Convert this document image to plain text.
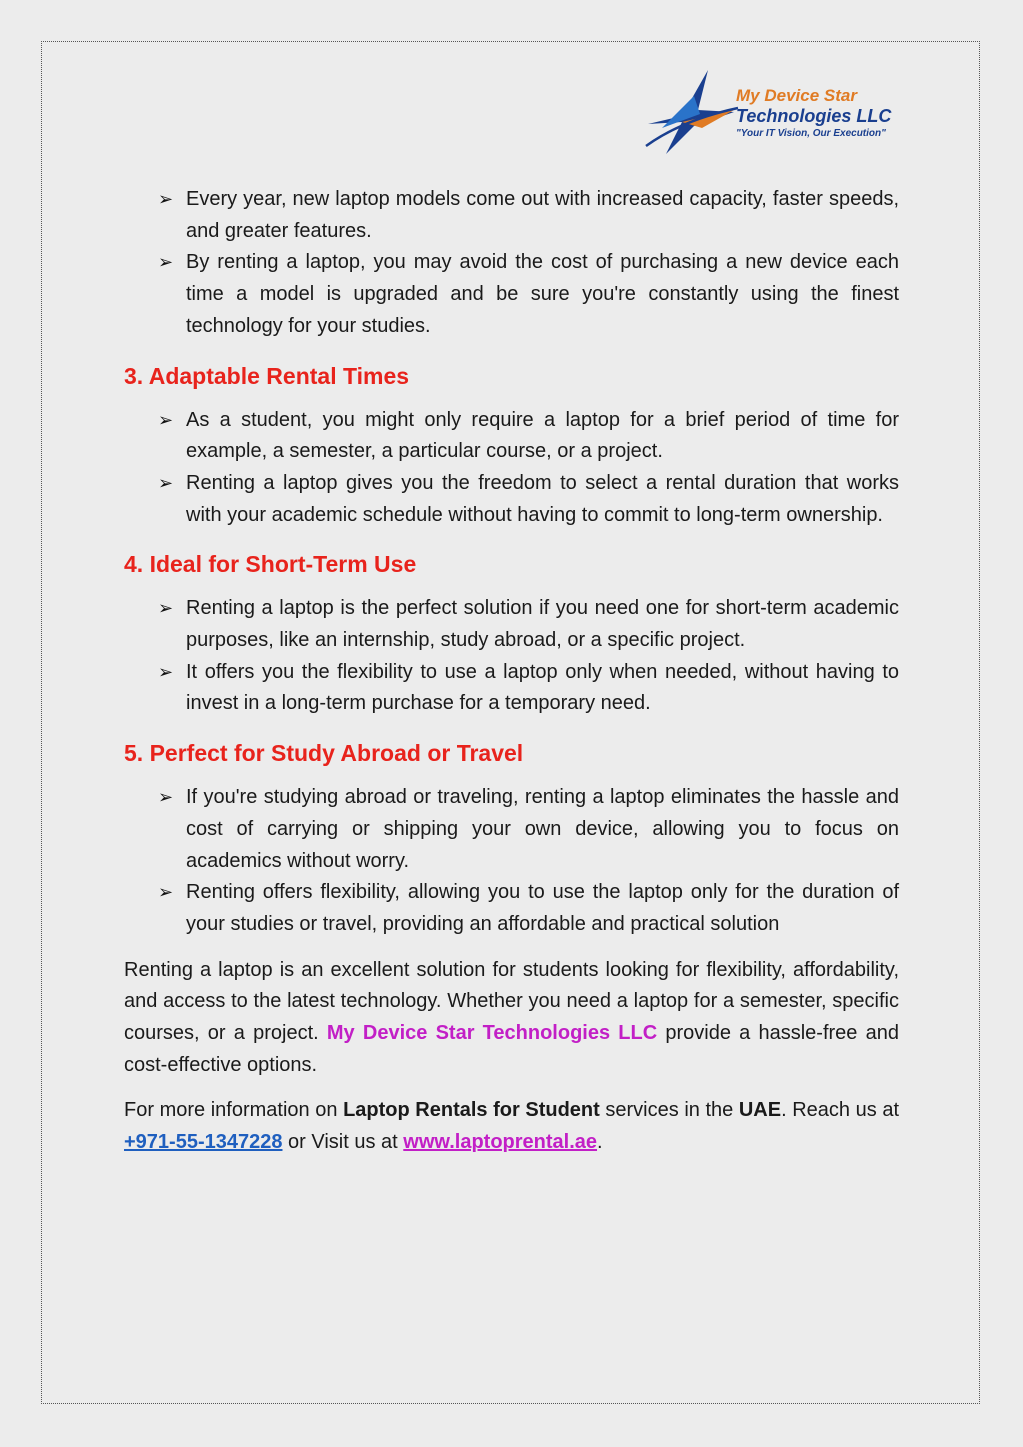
My Device Star
Technologies LLC
"Your IT Vision, Our Execution"
➢ Every year, new laptop models come out with increased capacity, faster speeds, and greater features.
➢ By renting a laptop, you may avoid the cost of purchasing a new device each time a model is upgraded and be sure you're constantly using the finest technology for your studies.
3. Adaptable Rental Times
➢ As a student, you might only require a laptop for a brief period of time for example, a semester, a particular course, or a project.
➢ Renting a laptop gives you the freedom to select a rental duration that works with your academic schedule without having to commit to long-term ownership.
4. Ideal for Short-Term Use
➢ Renting a laptop is the perfect solution if you need one for short-term academic purposes, like an internship, study abroad, or a specific project.
➢ It offers you the flexibility to use a laptop only when needed, without having to invest in a long-term purchase for a temporary need.
5. Perfect for Study Abroad or Travel
➢ If you're studying abroad or traveling, renting a laptop eliminates the hassle and cost of carrying or shipping your own device, allowing you to focus on academics without worry.
➢ Renting offers flexibility, allowing you to use the laptop only for the duration of your studies or travel, providing an affordable and practical solution

Renting a laptop is an excellent solution for students looking for flexibility, affordability, and access to the latest technology. Whether you need a laptop for a semester, specific courses, or a project. My Device Star Technologies LLC provide a hassle-free and cost-effective options.

For more information on Laptop Rentals for Student services in the UAE. Reach us at +971-55-1347228 or Visit us at www.laptoprental.ae.
